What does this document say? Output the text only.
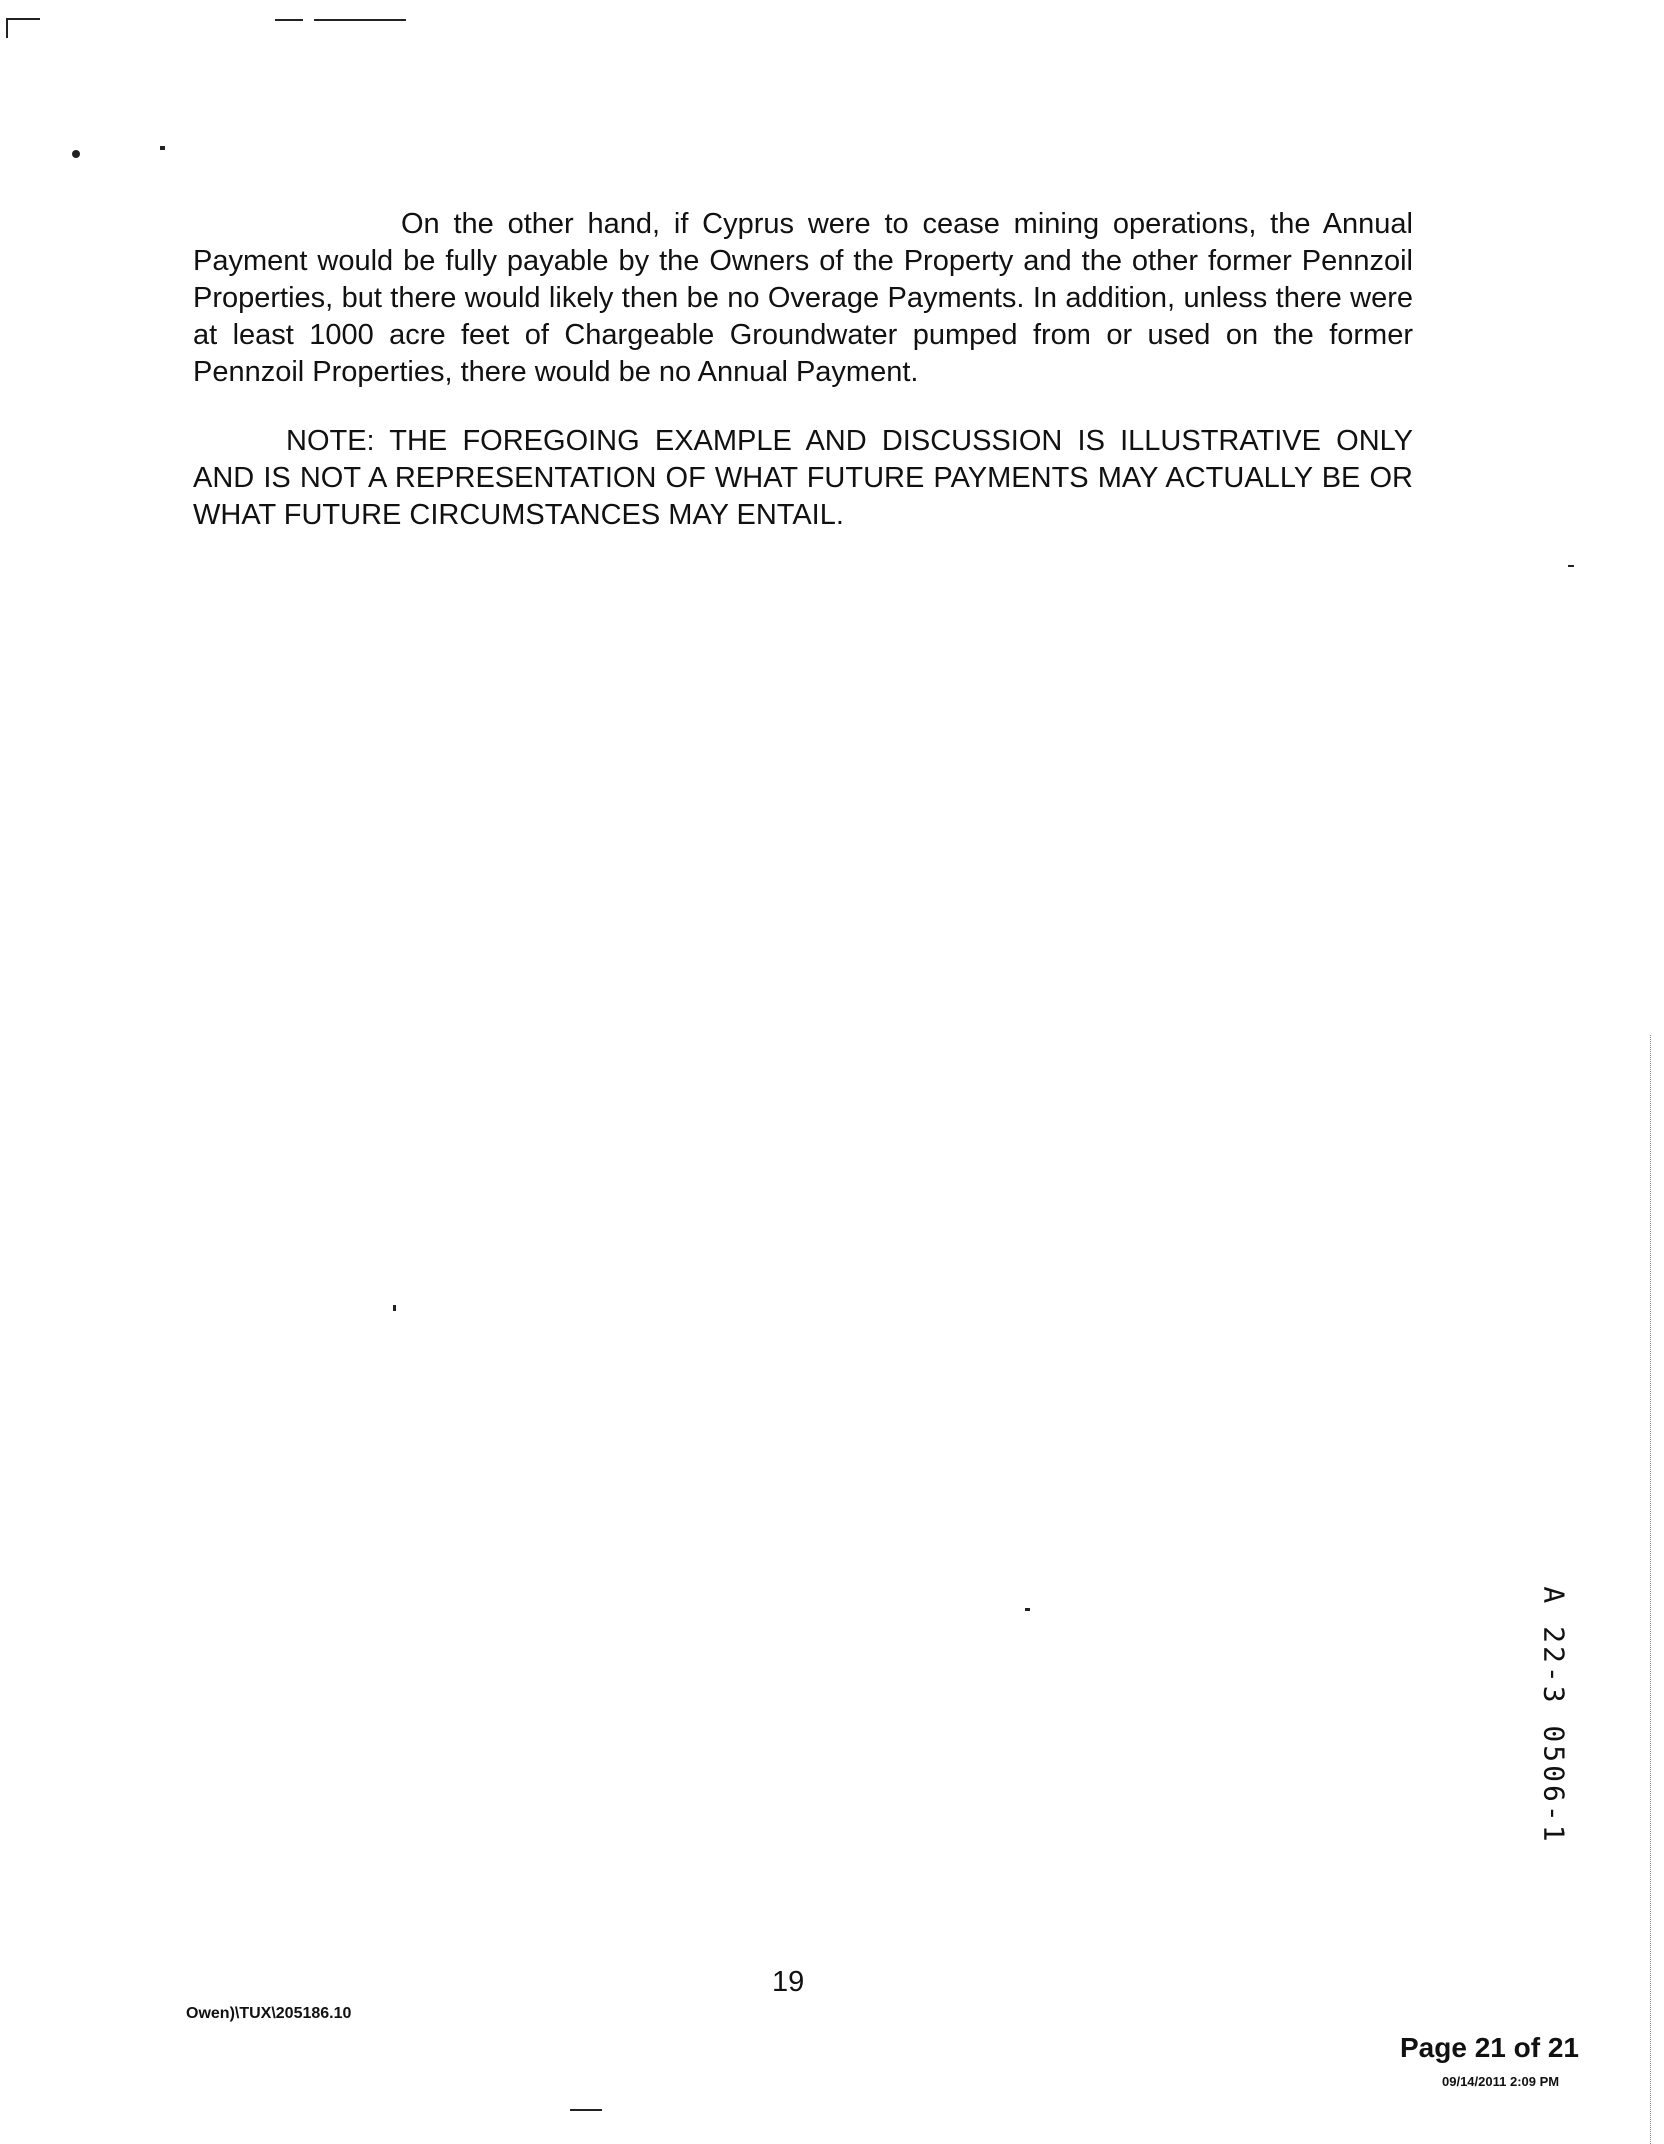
On the other hand, if Cyprus were to cease mining operations, the Annual Payment would be fully payable by the Owners of the Property and the other former Pennzoil Properties, but there would likely then be no Overage Payments. In addition, unless there were at least 1000 acre feet of Chargeable Groundwater pumped from or used on the former Pennzoil Properties, there would be no Annual Payment.

NOTE: THE FOREGOING EXAMPLE AND DISCUSSION IS ILLUSTRATIVE ONLY AND IS NOT A REPRESENTATION OF WHAT FUTURE PAYMENTS MAY ACTUALLY BE OR WHAT FUTURE CIRCUMSTANCES MAY ENTAIL.

A 22-3 0506-1
19
Owen)\TUX\205186.10
Page 21 of 21
09/14/2011 2:09 PM
